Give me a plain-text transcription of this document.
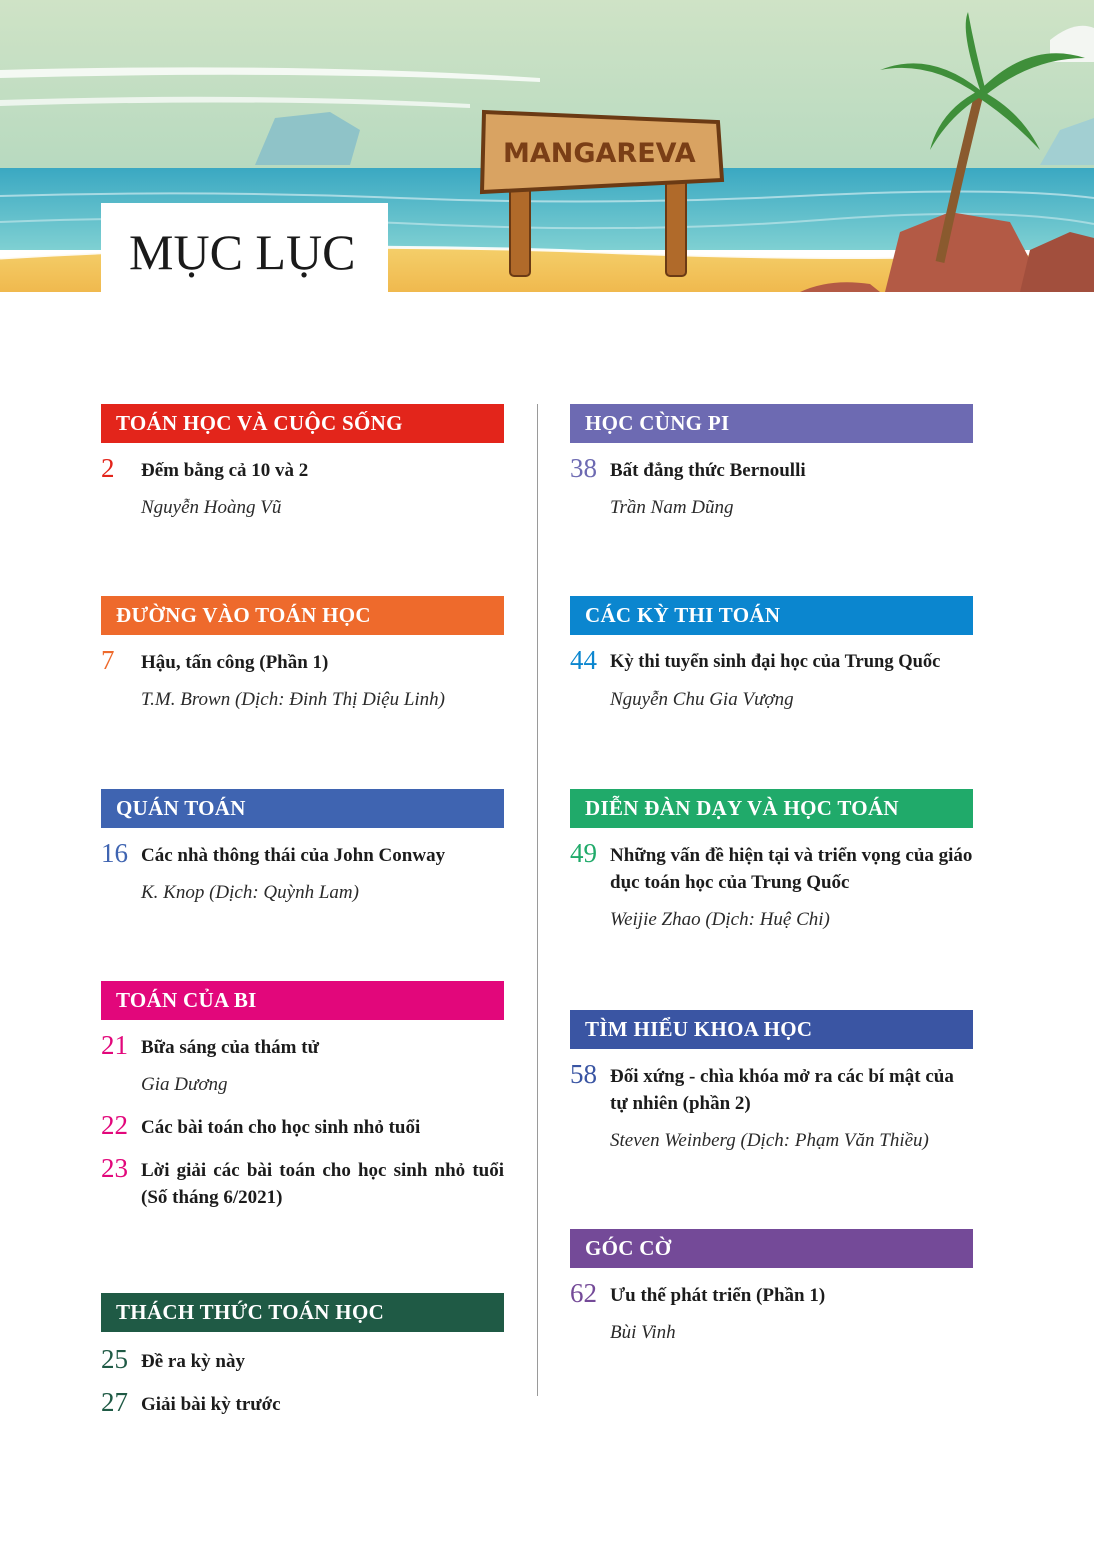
MANGAREVA
MỤC LỤC
TOÁN HỌC VÀ CUỘC SỐNG
2 Đếm bằng cả 10 và 2
Nguyễn Hoàng Vũ
ĐƯỜNG VÀO TOÁN HỌC
7 Hậu, tấn công (Phần 1)
T.M. Brown (Dịch: Đinh Thị Diệu Linh)
QUÁN TOÁN
16 Các nhà thông thái của John Conway
K. Knop (Dịch: Quỳnh Lam)
TOÁN CỦA BI
21 Bữa sáng của thám tử
Gia Dương
22 Các bài toán cho học sinh nhỏ tuổi
23 Lời giải các bài toán cho học sinh nhỏ tuổi (Số tháng 6/2021)
THÁCH THỨC TOÁN HỌC
25 Đề ra kỳ này
27 Giải bài kỳ trước
HỌC CÙNG PI
38 Bất đẳng thức Bernoulli
Trần Nam Dũng
CÁC KỲ THI TOÁN
44 Kỳ thi tuyển sinh đại học của Trung Quốc
Nguyễn Chu Gia Vượng
DIỄN ĐÀN DẠY VÀ HỌC TOÁN
49 Những vấn đề hiện tại và triển vọng của giáo dục toán học của Trung Quốc
Weijie Zhao (Dịch: Huệ Chi)
TÌM HIỂU KHOA HỌC
58 Đối xứng - chìa khóa mở ra các bí mật của tự nhiên (phần 2)
Steven Weinberg (Dịch: Phạm Văn Thiều)
GÓC CỜ
62 Ưu thế phát triển (Phần 1)
Bùi Vinh
